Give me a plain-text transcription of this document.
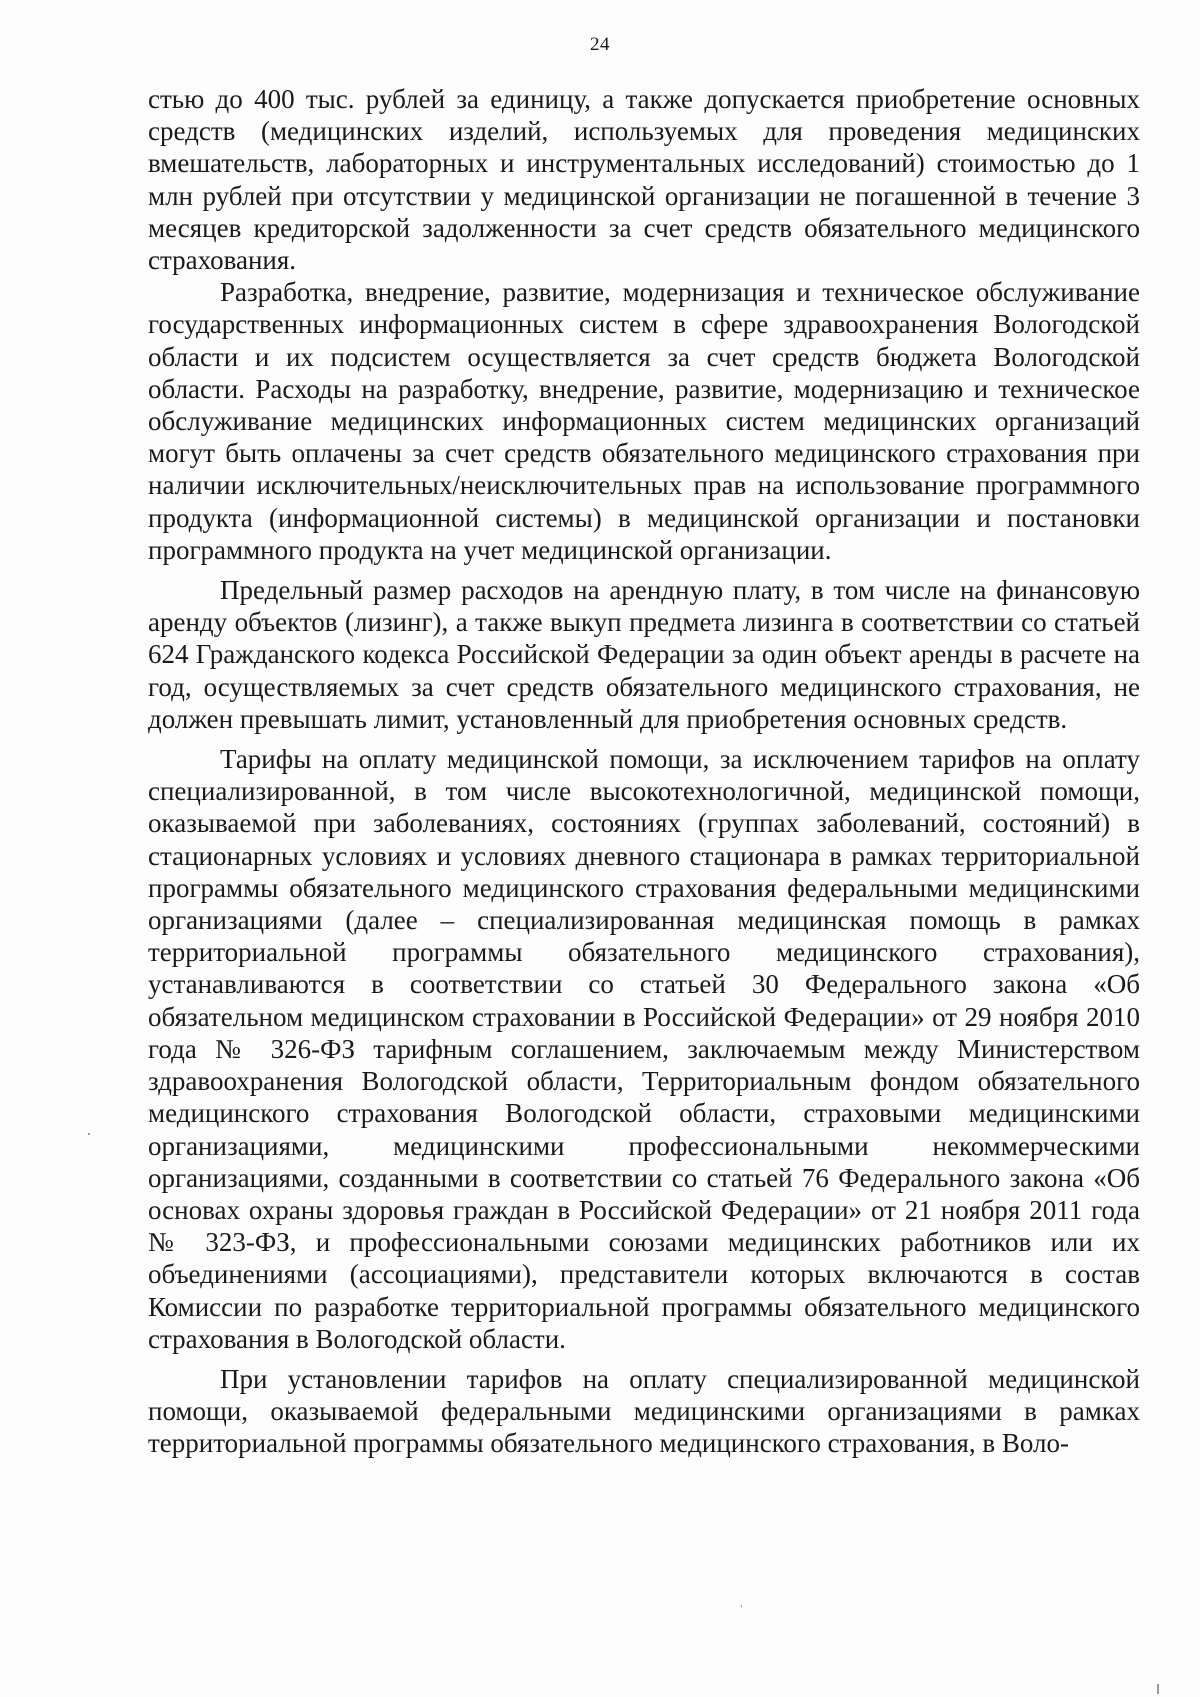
24

стью до 400 тыс. рублей за единицу, а также допускается приобретение основных средств (медицинских изделий, используемых для проведения медицинских вмешательств, лабораторных и инструментальных исследований) стоимостью до 1 млн рублей при отсутствии у медицинской организации не погашенной в течение 3 месяцев кредиторской задолженности за счет средств обязательного медицинского страхования.

Разработка, внедрение, развитие, модернизация и техническое обслуживание государственных информационных систем в сфере здравоохранения Вологодской области и их подсистем осуществляется за счет средств бюджета Вологодской области. Расходы на разработку, внедрение, развитие, модернизацию и техническое обслуживание медицинских информационных систем медицинских организаций могут быть оплачены за счет средств обязательного медицинского страхования при наличии исключительных/неисключительных прав на использование программного продукта (информационной системы) в медицинской организации и постановки программного продукта на учет медицинской организации.

Предельный размер расходов на арендную плату, в том числе на финансовую аренду объектов (лизинг), а также выкуп предмета лизинга в соответствии со статьей 624 Гражданского кодекса Российской Федерации за один объект аренды в расчете на год, осуществляемых за счет средств обязательного медицинского страхования, не должен превышать лимит, установленный для приобретения основных средств.

Тарифы на оплату медицинской помощи, за исключением тарифов на оплату специализированной, в том числе высокотехнологичной, медицинской помощи, оказываемой при заболеваниях, состояниях (группах заболеваний, состояний) в стационарных условиях и условиях дневного стационара в рамках территориальной программы обязательного медицинского страхования федеральными медицинскими организациями (далее – специализированная медицинская помощь в рамках территориальной программы обязательного медицинского страхования), устанавливаются в соответствии со статьей 30 Федерального закона «Об обязательном медицинском страховании в Российской Федерации» от 29 ноября 2010 года № 326-ФЗ тарифным соглашением, заключаемым между Министерством здравоохранения Вологодской области, Территориальным фондом обязательного медицинского страхования Вологодской области, страховыми медицинскими организациями, медицинскими профессиональными некоммерческими организациями, созданными в соответствии со статьей 76 Федерального закона «Об основах охраны здоровья граждан в Российской Федерации» от 21 ноября 2011 года № 323-ФЗ, и профессиональными союзами медицинских работников или их объединениями (ассоциациями), представители которых включаются в состав Комиссии по разработке территориальной программы обязательного медицинского страхования в Вологодской области.

При установлении тарифов на оплату специализированной медицинской помощи, оказываемой федеральными медицинскими организациями в рамках территориальной программы обязательного медицинского страхования, в Воло-
